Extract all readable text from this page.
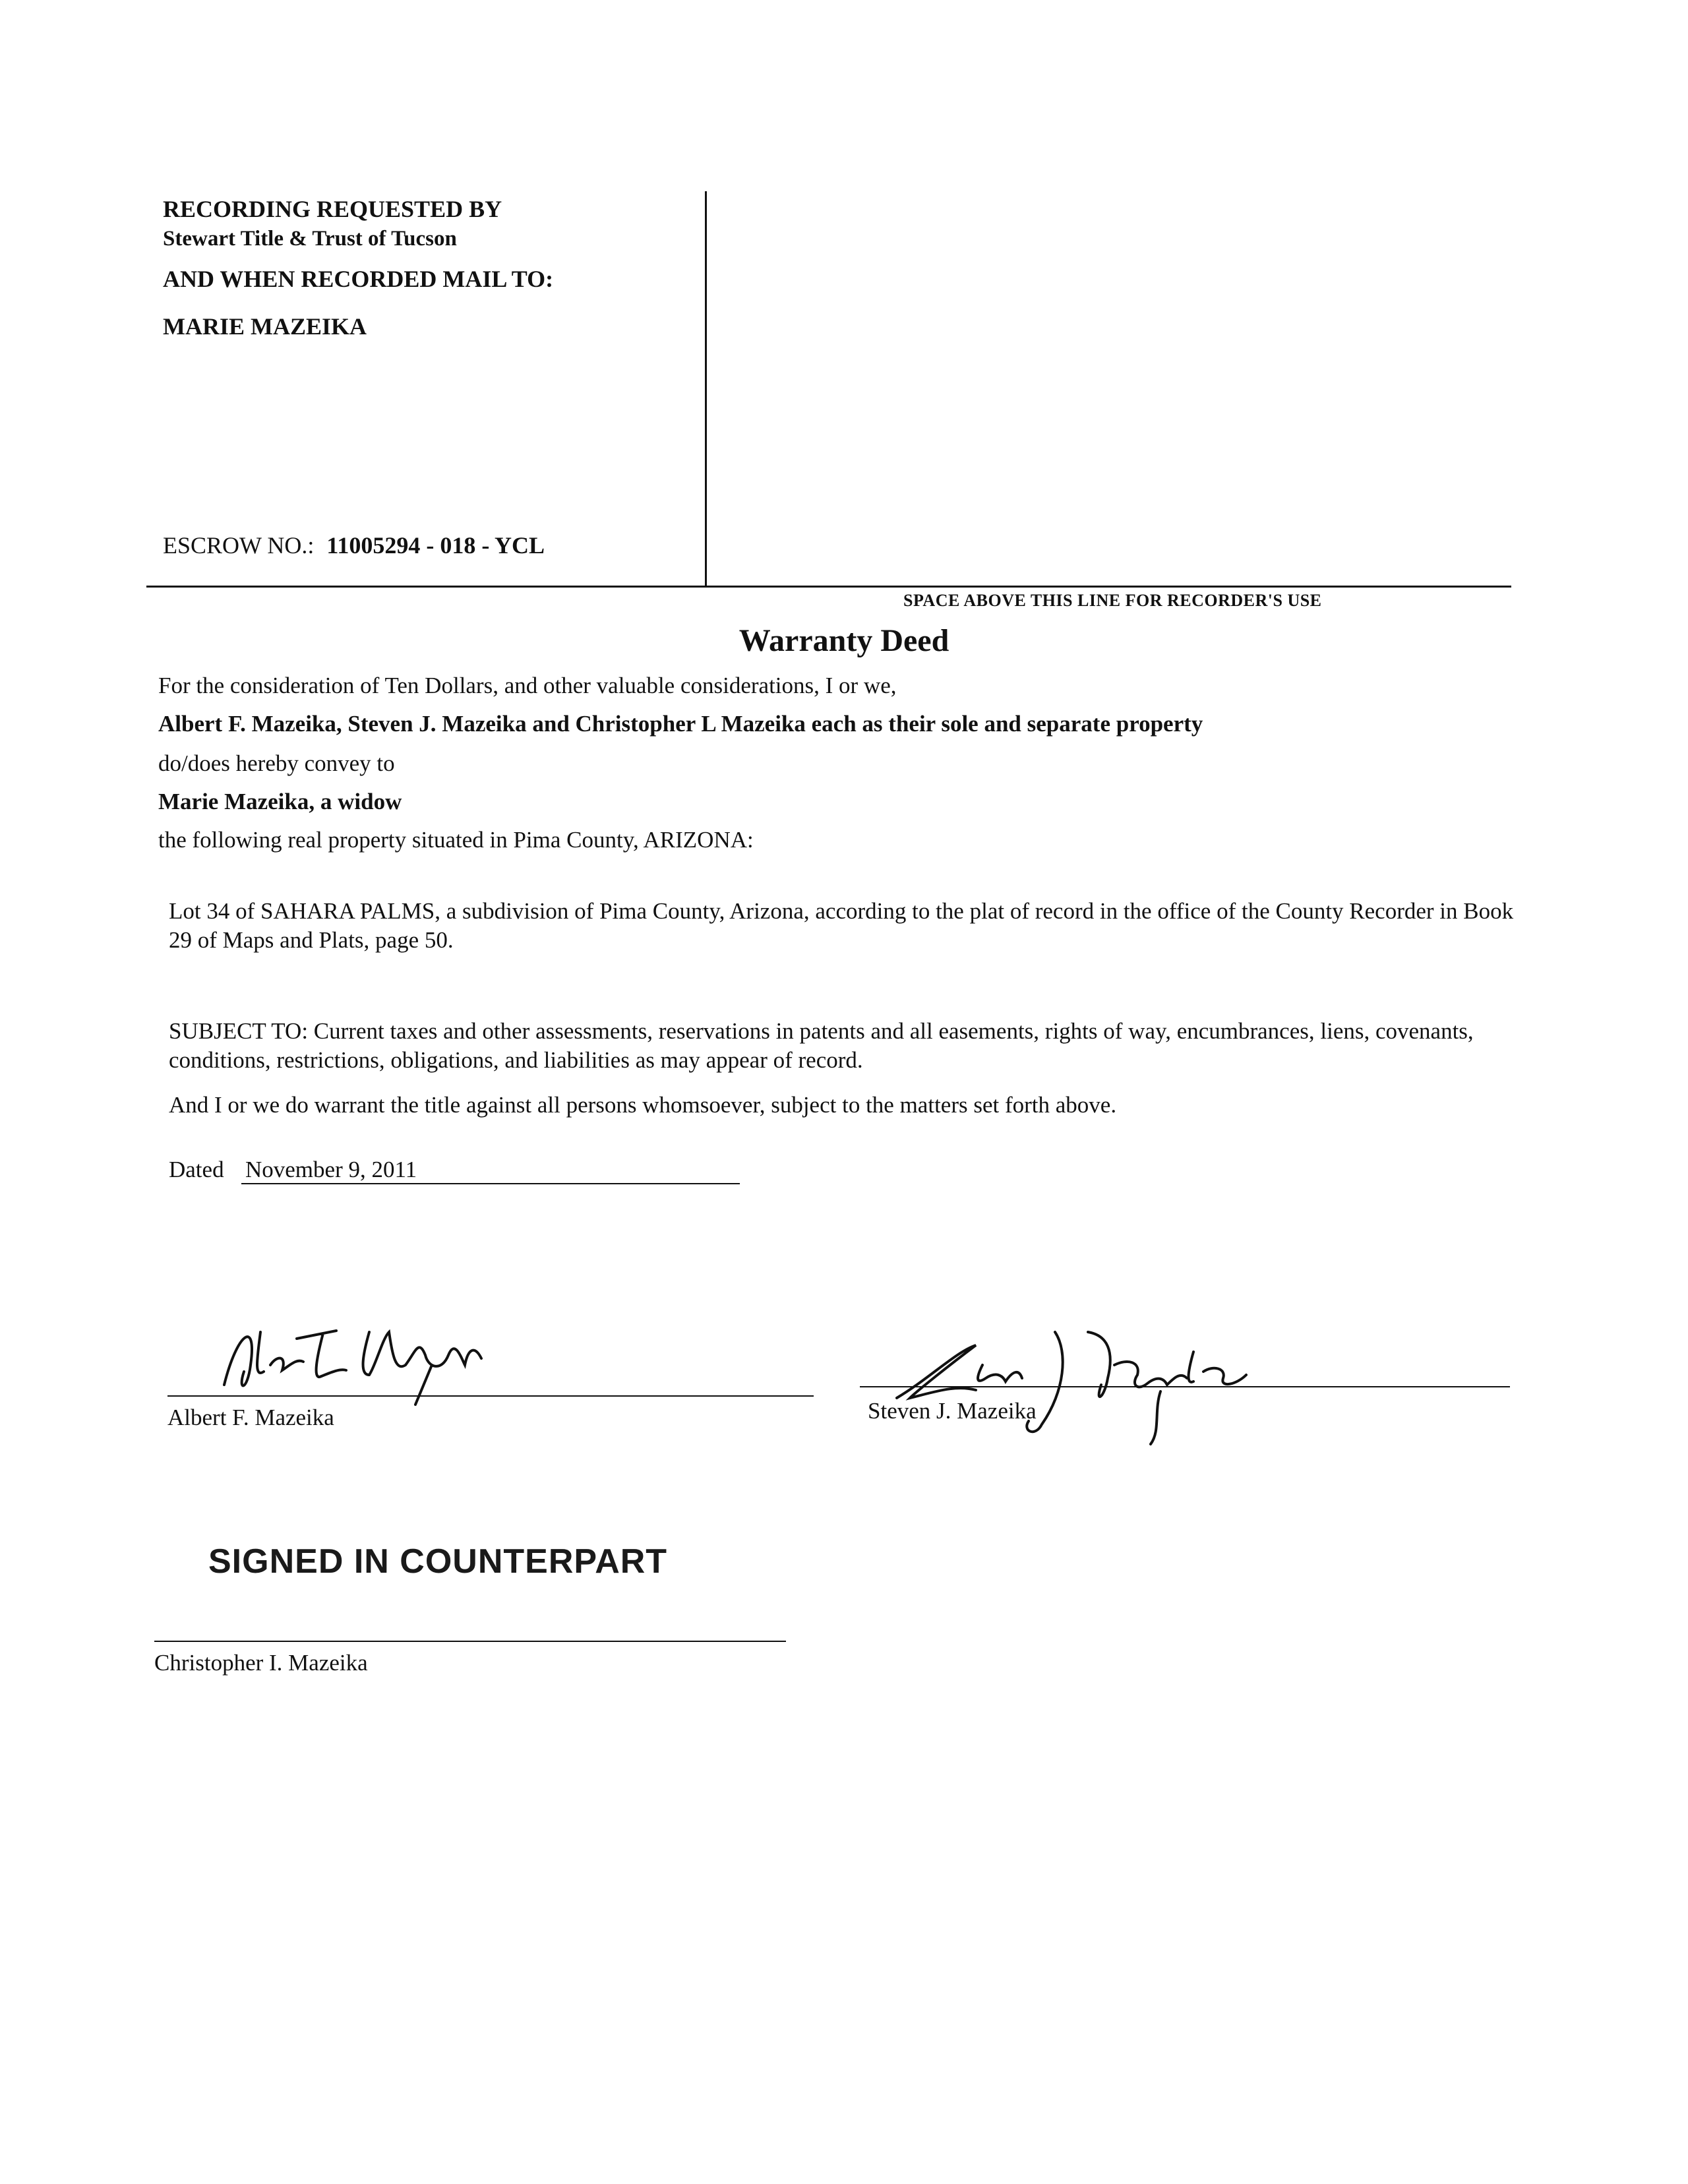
RECORDING REQUESTED BY
Stewart Title & Trust of Tucson
AND WHEN RECORDED MAIL TO:
MARIE MAZEIKA
ESCROW NO.: 11005294 - 018 - YCL
SPACE ABOVE THIS LINE FOR RECORDER'S USE
Warranty Deed
For the consideration of Ten Dollars, and other valuable considerations, I or we,
Albert F. Mazeika, Steven J. Mazeika and Christopher L Mazeika each as their sole and separate property
do/does hereby convey to
Marie Mazeika, a widow
the following real property situated in Pima County, ARIZONA:
Lot 34 of SAHARA PALMS, a subdivision of Pima County, Arizona, according to the plat of record in the office of the County Recorder in Book 29 of Maps and Plats, page 50.
SUBJECT TO: Current taxes and other assessments, reservations in patents and all easements, rights of way, encumbrances, liens, covenants, conditions, restrictions, obligations, and liabilities as may appear of record.
And I or we do warrant the title against all persons whomsoever, subject to the matters set forth above.
Dated November 9, 2011
Albert F. Mazeika	Steven J. Mazeika
SIGNED IN COUNTERPART
Christopher I. Mazeika
